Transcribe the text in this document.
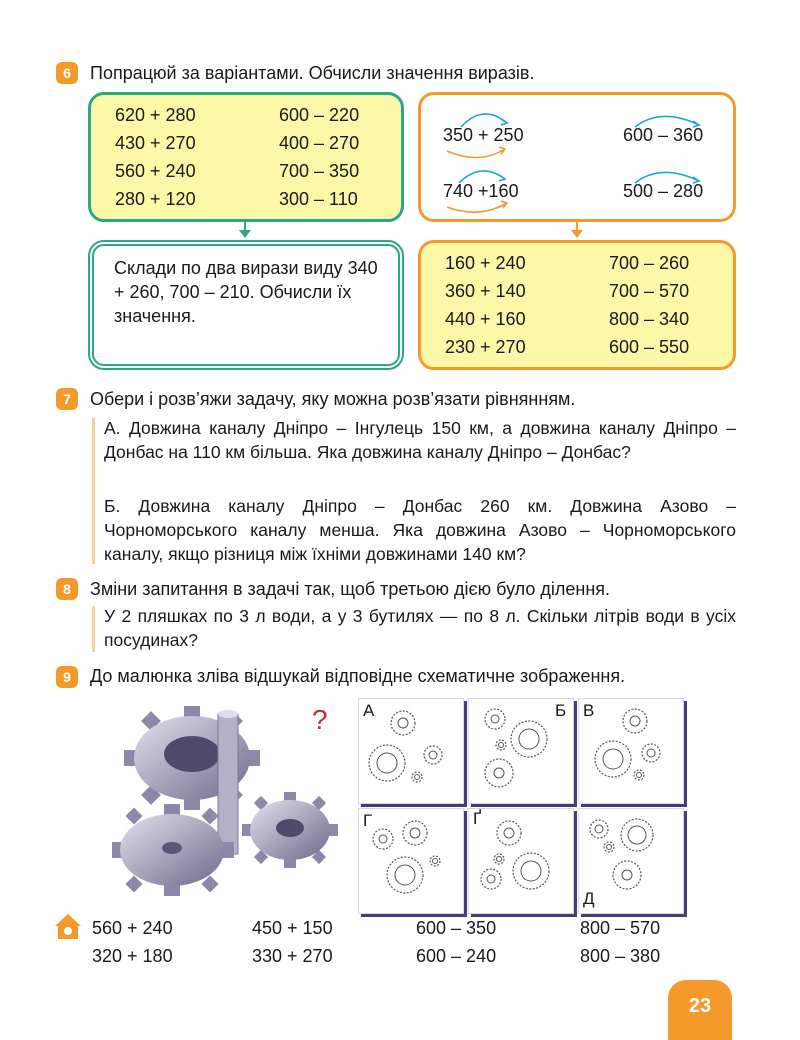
6	Попрацюй за варіантами. Обчисли значення виразів.
620 + 280	600 – 220
430 + 270	400 – 270
560 + 240	700 – 350
280 + 120	300 – 110
350 + 250	600 – 360
740 +160	500 – 280
Склади по два вирази виду 340 + 260, 700 – 210. Обчисли їх значення.
160 + 240	700 – 260
360 + 140	700 – 570
440 + 160	800 – 340
230 + 270	600 – 550
7	Обери і розв’яжи задачу, яку можна розв’язати рівнянням.
А. Довжина каналу Дніпро – Інгулець 150 км, а довжина каналу Дніпро – Донбас на 110 км більша. Яка довжина каналу Дніпро – Донбас?
Б. Довжина каналу Дніпро – Донбас 260 км. Довжина Азово – Чорноморського каналу менша. Яка довжина Азово – Чорноморського каналу, якщо різниця між їхніми довжинами 140 км?
8	Зміни запитання в задачі так, щоб третьою дією було ділення.
У 2 пляшках по 3 л води, а у 3 бутилях — по 8 л. Скільки літрів води в усіх посудинах?
9	До малюнка зліва відшукай відповідне схематичне зображення.
? А	Б В
Г	Ґ
Д
560 + 240	450 + 150	600 – 350	800 – 570
320 + 180	330 + 270	600 – 240	800 – 380
23
